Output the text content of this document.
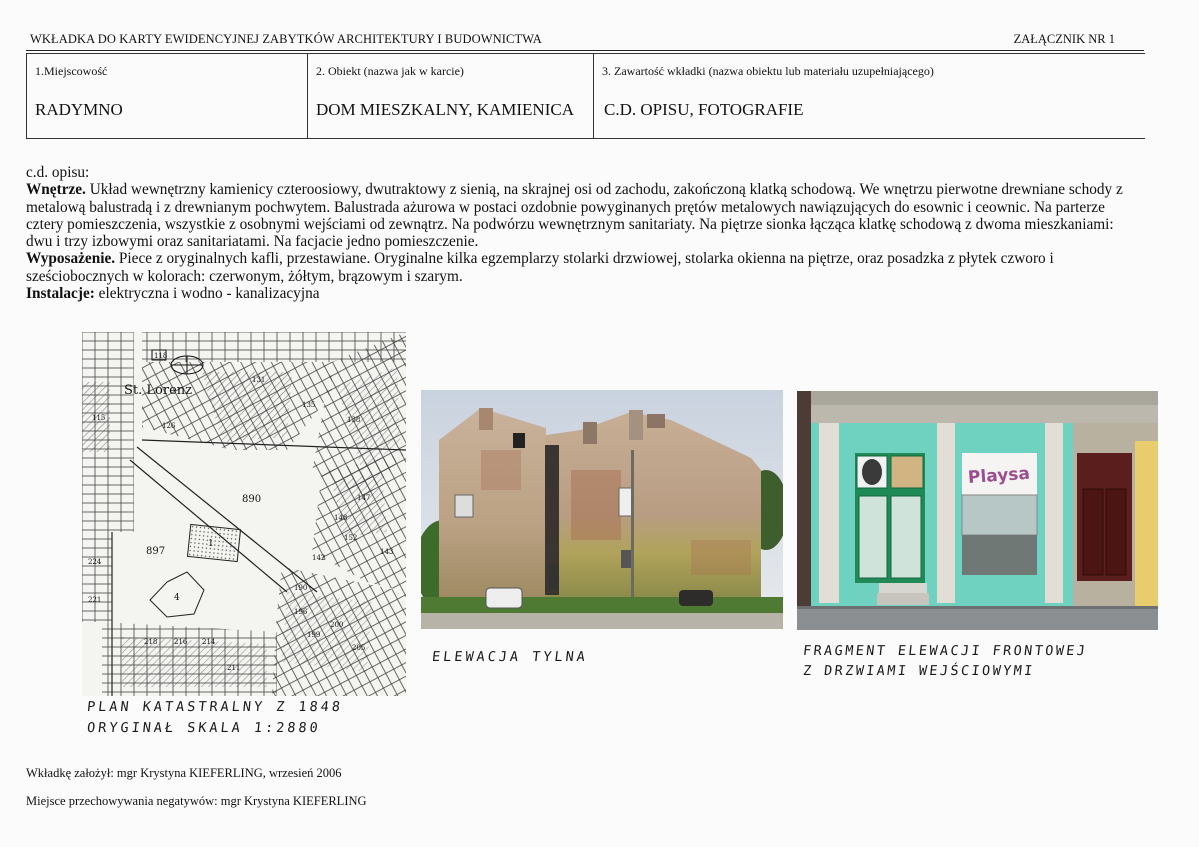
WKŁADKA DO KARTY EWIDENCYJNEJ ZABYTKÓW ARCHITEKTURY I BUDOWNICTWA	ZAŁĄCZNIK NR 1
1.Miejscowość
RADYMNO
2. Obiekt (nazwa jak w karcie)
DOM MIESZKALNY, KAMIENICA
3. Zawartość wkładki (nazwa obiektu lub materiału uzupełniającego)
C.D. OPISU, FOTOGRAFIE

c.d. opisu:

Wnętrze. Układ wewnętrzny kamienicy czteroosiowy, dwutraktowy z sienią, na skrajnej osi od zachodu, zakończoną klatką schodową. We wnętrzu pierwotne drewniane schody z metalową balustradą i z drewnianym pochwytem. Balustrada ażurowa w postaci ozdobnie powyginanych prętów metalowych nawiązujących do esownic i ceownic. Na parterze cztery pomieszczenia, wszystkie z osobnymi wejściami od zewnątrz. Na podwórzu wewnętrznym sanitariaty. Na piętrze sionka łącząca klatkę schodową z dwoma mieszkaniami: dwu i trzy izbowymi oraz sanitariatami. Na facjacie jedno pomieszczenie.

Wyposażenie. Piece z oryginalnych kafli, przestawiane. Oryginalne kilka egzemplarzy stolarki drzwiowej, stolarka okienna na piętrze, oraz posadzka z płytek czworo i sześciobocznych w kolorach: czerwonym, żółtym, brązowym i szarym.

Instalacje: elektryczna i wodno - kanalizacyjna

St. Lorenz
890
897
1
4
118
115
126
131
135
138
142
143
147
148
152
190
196
199
200
205
211
214
216
218
221
224
Playsa
PLAN KATASTRALNY Z 1848
ORYGINAŁ SKALA 1:2880
ELEWACJA TYLNA	FRAGMENT ELEWACJI FRONTOWEJ
Z DRZWIAMI WEJŚCIOWYMI
Wkładkę założył: mgr Krystyna KIEFERLING, wrzesień 2006
Miejsce przechowywania negatywów: mgr Krystyna KIEFERLING
